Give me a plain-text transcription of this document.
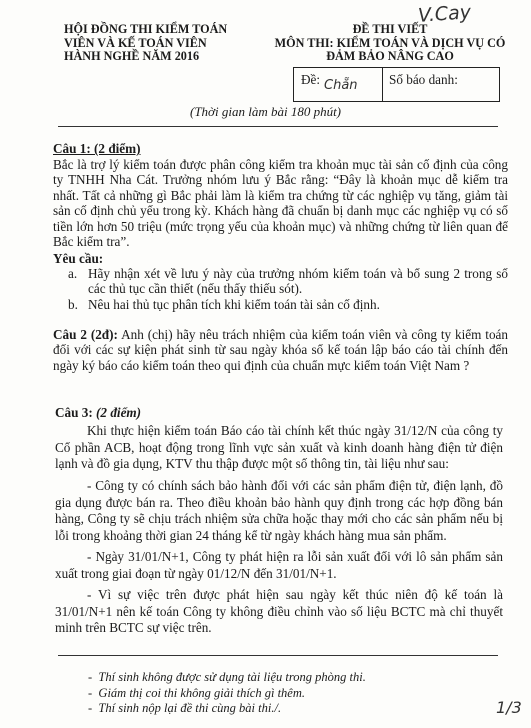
HỘI ĐỒNG THI KIỂM TOÁN
VIÊN VÀ KẾ TOÁN VIÊN
HÀNH NGHỀ NĂM 2016
ĐỀ THI VIẾT
MÔN THI: KIỂM TOÁN VÀ DỊCH VỤ CÓ
ĐẢM BẢO NÂNG CAO
V.Cay
Đề: Chẵn Số báo danh:
(Thời gian làm bài 180 phút)
Câu 1: (2 điểm)
Bắc là trợ lý kiểm toán được phân công kiểm tra khoản mục tài sản cố định của công ty TNHH Nha Cát. Trưởng nhóm lưu ý Bắc rằng: “Đây là khoản mục dễ kiểm tra nhất. Tất cả những gì Bắc phải làm là kiểm tra chứng từ các nghiệp vụ tăng, giảm tài sản cố định chủ yếu trong kỳ. Khách hàng đã chuẩn bị danh mục các nghiệp vụ có số tiền lớn hơn 50 triệu (mức trọng yếu của khoản mục) và những chứng từ liên quan để Bắc kiểm tra”.
Yêu cầu:
a. Hãy nhận xét về lưu ý này của trưởng nhóm kiểm toán và bổ sung 2 trong số các thủ tục cần thiết (nếu thấy thiếu sót).
b. Nêu hai thủ tục phân tích khi kiểm toán tài sản cố định.
Câu 2 (2đ): Anh (chị) hãy nêu trách nhiệm của kiểm toán viên và công ty kiểm toán đối với các sự kiện phát sinh từ sau ngày khóa sổ kế toán lập báo cáo tài chính đến ngày ký báo cáo kiểm toán theo qui định của chuẩn mực kiểm toán Việt Nam ?
Câu 3: (2 điểm)
Khi thực hiện kiểm toán Báo cáo tài chính kết thúc ngày 31/12/N của công ty Cổ phần ACB, hoạt động trong lĩnh vực sản xuất và kinh doanh hàng điện tử điện lạnh và đồ gia dụng, KTV thu thập được một số thông tin, tài liệu như sau:
- Công ty có chính sách bảo hành đối với các sản phẩm điện tử, điện lạnh, đồ gia dụng được bán ra. Theo điều khoản bảo hành quy định trong các hợp đồng bán hàng, Công ty sẽ chịu trách nhiệm sửa chữa hoặc thay mới cho các sản phẩm nếu bị lỗi trong khoảng thời gian 24 tháng kể từ ngày khách hàng mua sản phẩm.
- Ngày 31/01/N+1, Công ty phát hiện ra lỗi sản xuất đối với lô sản phẩm sản xuất trong giai đoạn từ ngày 01/12/N đến 31/01/N+1.
- Vì sự việc trên được phát hiện sau ngày kết thúc niên độ kế toán là 31/01/N+1 nên kế toán Công ty không điều chỉnh vào số liệu BCTC mà chỉ thuyết minh trên BCTC sự việc trên.
-  Thí sinh không được sử dụng tài liệu trong phòng thi.
-  Giám thị coi thi không giải thích gì thêm.
-  Thí sinh nộp lại đề thi cùng bài thi./.	1/3
